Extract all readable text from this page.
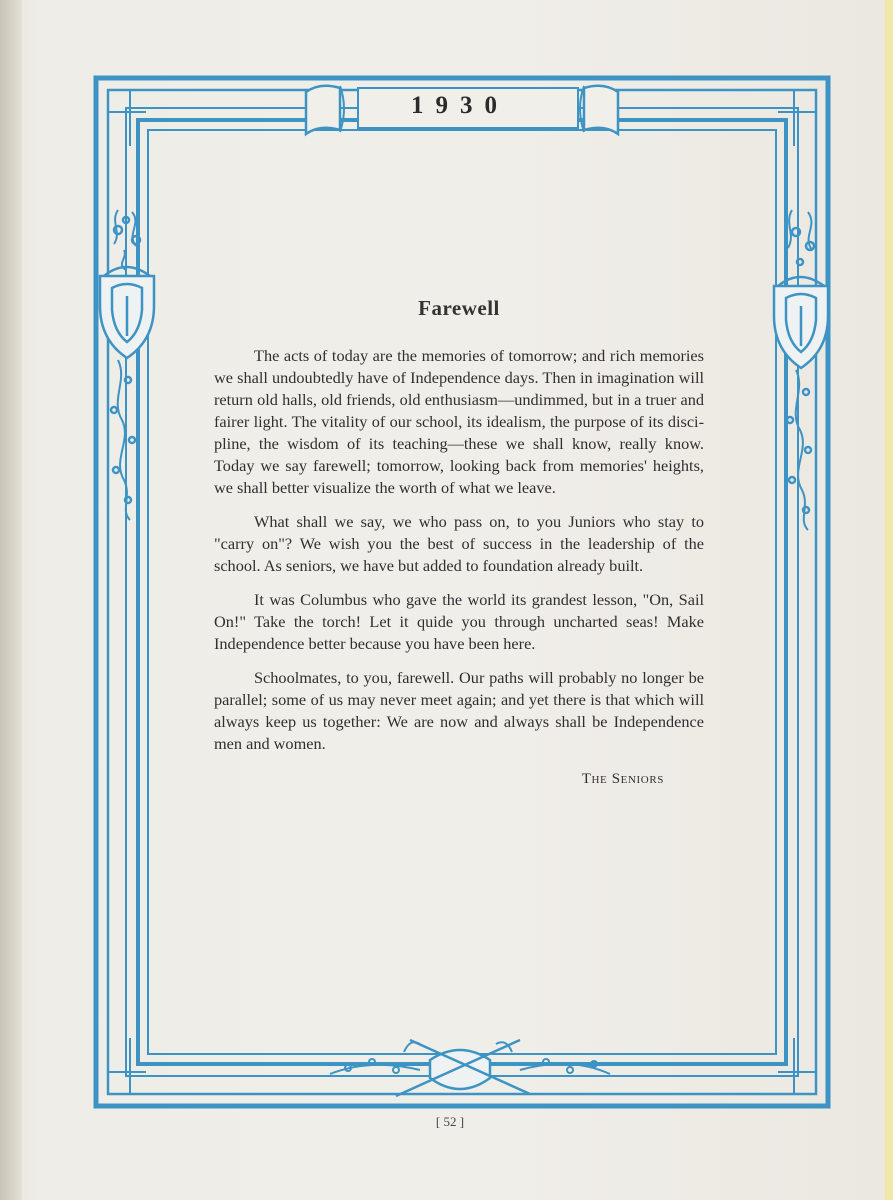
1930
Farewell

The acts of today are the memories of tomorrow; and rich memories we shall undoubtedly have of Independence days. Then in imagination will return old halls, old friends, old enthusiasm—undimmed, but in a truer and fairer light. The vitality of our school, its idealism, the purpose of its discipline, the wisdom of its teaching—these we shall know, really know. Today we say farewell; tomorrow, looking back from memories' heights, we shall better visualize the worth of what we leave.

What shall we say, we who pass on, to you Juniors who stay to "carry on"? We wish you the best of success in the leadership of the school. As seniors, we have but added to foundation already built.

It was Columbus who gave the world its grandest lesson, "On, Sail On!" Take the torch! Let it quide you through uncharted seas! Make Independence better because you have been here.

Schoolmates, to you, farewell. Our paths will probably no longer be parallel; some of us may never meet again; and yet there is that which will always keep us together: We are now and always shall be Independence men and women.

The Seniors
[ 52 ]
